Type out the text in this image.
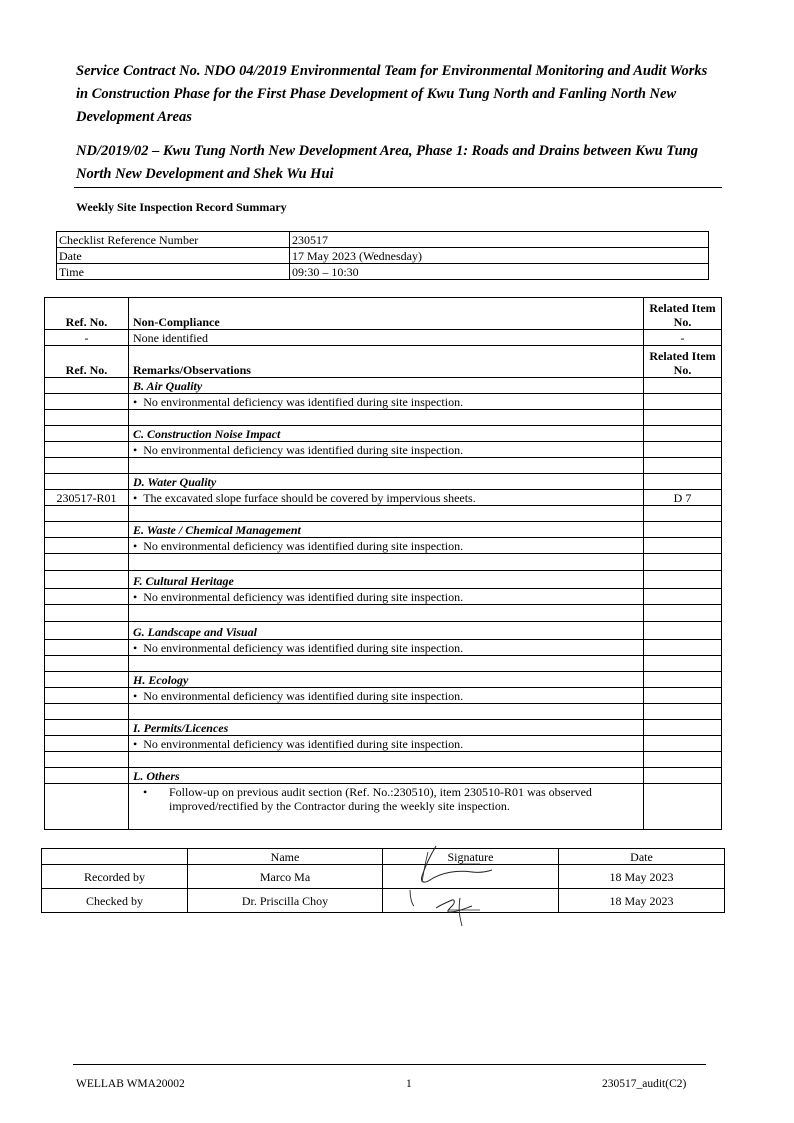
Service Contract No. NDO 04/2019 Environmental Team for Environmental Monitoring and Audit Works in Construction Phase for the First Phase Development of Kwu Tung North and Fanling North New Development Areas
ND/2019/02 – Kwu Tung North New Development Area, Phase 1: Roads and Drains between Kwu Tung North New Development and Shek Wu Hui
Weekly Site Inspection Record Summary
Checklist Reference Number	230517
Date	17 May 2023 (Wednesday)
Time	09:30 – 10:30
Ref. No.	Non-Compliance	Related Item No.
-	None identified	-
Ref. No.	Remarks/Observations	Related Item No.
	B. Air Quality	
	• No environmental deficiency was identified during site inspection.	

	C. Construction Noise Impact	
	• No environmental deficiency was identified during site inspection.	

	D. Water Quality	
230517-R01	• The excavated slope furface should be covered by impervious sheets.	D 7

	E. Waste / Chemical Management	
	• No environmental deficiency was identified during site inspection.	

	F. Cultural Heritage	
	• No environmental deficiency was identified during site inspection.	

	G. Landscape and Visual	
	• No environmental deficiency was identified during site inspection.	

	H. Ecology	
	• No environmental deficiency was identified during site inspection.	

	I. Permits/Licences	
	• No environmental deficiency was identified during site inspection.	

	L. Others	

	• Follow-up on previous audit section (Ref. No.:230510), item 230510-R01 was observed improved/rectified by the Contractor during the weekly site inspection.	

	Name	Signature	Date
Recorded by	Marco Ma		18 May 2023
Checked by	Dr. Priscilla Choy		18 May 2023
WELLAB WMA20002	1	230517_audit(C2)
